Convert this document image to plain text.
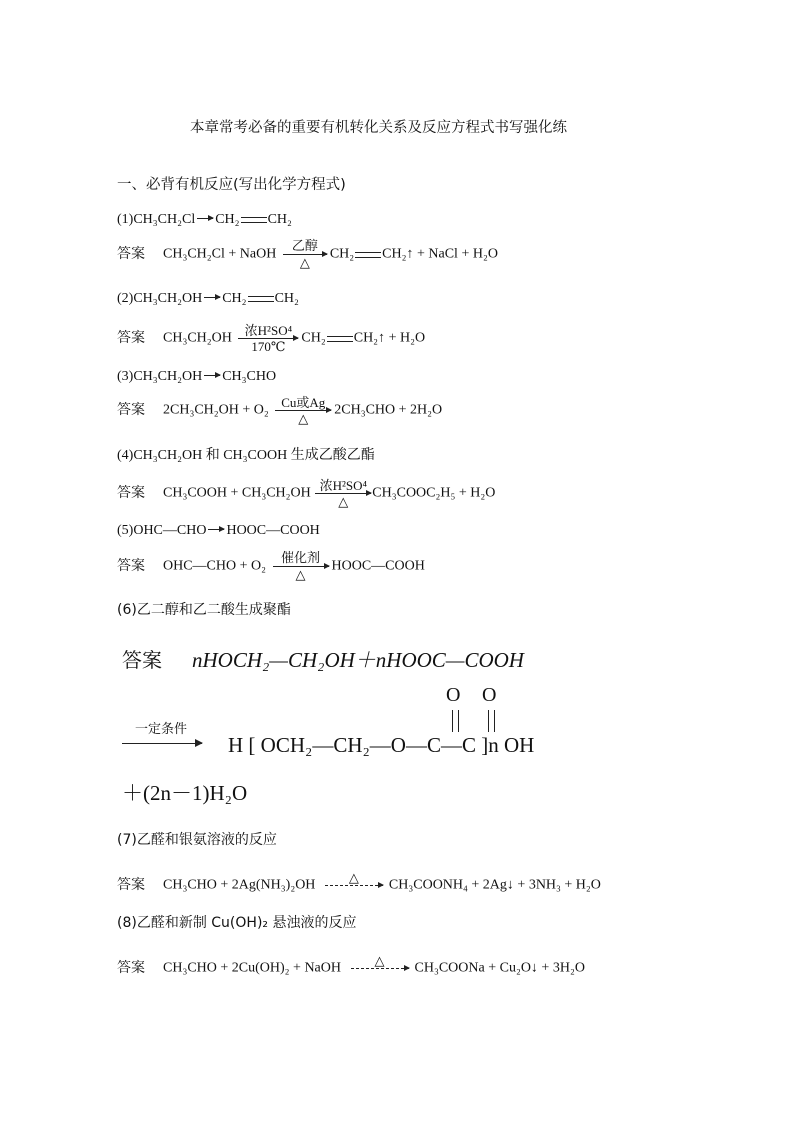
本章常考必备的重要有机转化关系及反应方程式书写强化练
一、必背有机反应(写出化学方程式)
(1)CH₃CH₂Cl → CH₂ CH₂
答案 CH₃CH₂Cl + NaOH
乙醇
△
CH₂ CH₂↑ + NaCl + H₂O
(2)CH₃CH₂OH → CH₂ CH₂
答案 CH₃CH₂OH
浓H²SO⁴
170℃
CH₂ CH₂↑ + H₂O
(3)CH₃CH₂OH → CH₃CHO
答案 2CH₃CH₂OH + O₂
Cu或Ag
△
2CH₃CHO + 2H₂O
(4)CH₃CH₂OH 和 CH₃COOH 生成乙酸乙酯
答案 CH₃COOH + CH₃CH₂OH
浓H²SO⁴
△
CH₃COOC₂H₅ + H₂O
(5)OHC—CHO → HOOC—COOH
答案 OHC—CHO + O₂
催化剂
△
HOOC—COOH
(6)乙二醇和乙二酸生成聚酯
答案 nHOCH₂—CH₂OH＋nHOOC—COOH
O O
一定条件
H [ OCH₂—CH₂—O—C—C ]n OH
＋(2n－1)H₂O
(7)乙醛和银氨溶液的反应
答案 CH₃CHO + 2Ag(NH₃)₂OH
△

CH₃COONH₄ + 2Ag↓ + 3NH₃ + H₂O
(8)乙醛和新制 Cu(OH)₂ 悬浊液的反应
答案 CH₃CHO + 2Cu(OH)₂ + NaOH
△

CH₃COONa + Cu₂O↓ + 3H₂O
